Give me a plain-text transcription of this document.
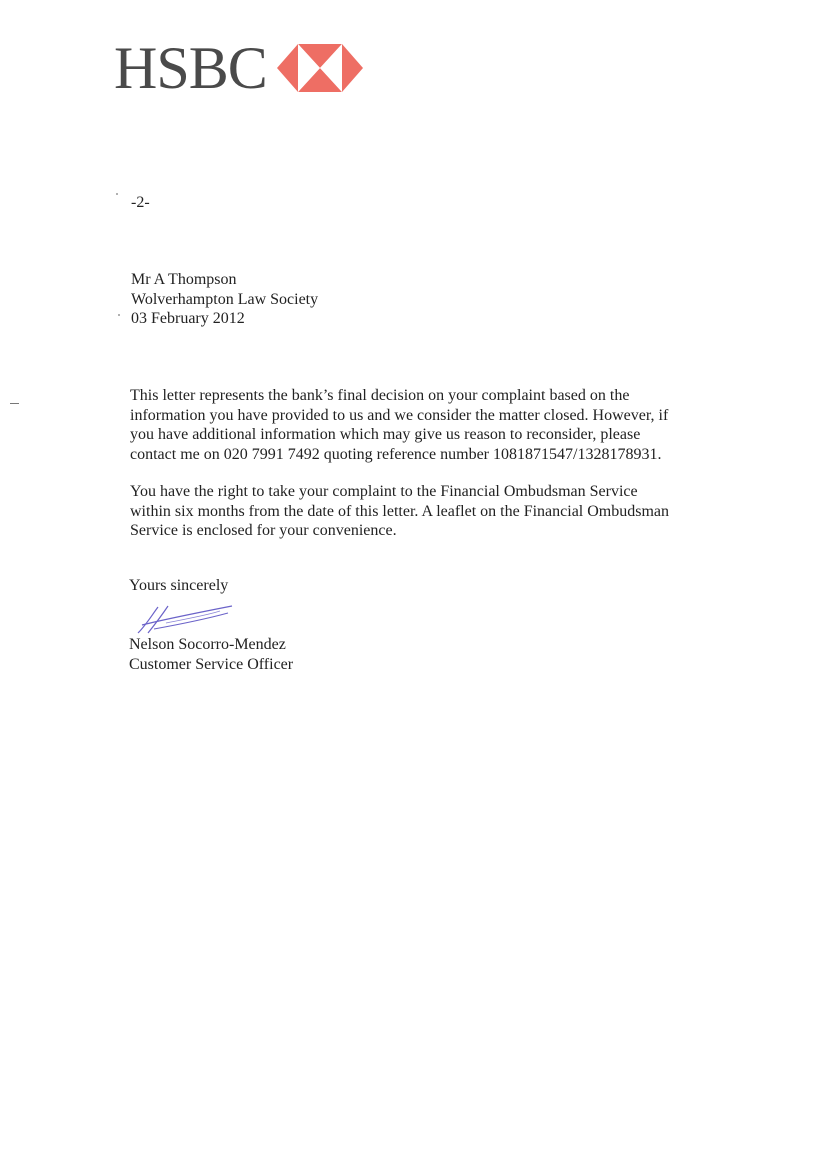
HSBC
-2-
Mr A Thompson
Wolverhampton Law Society
03 February 2012

This letter represents the bank’s final decision on your complaint based on the
information you have provided to us and we consider the matter closed. However, if
you have additional information which may give us reason to reconsider, please
contact me on 020 7991 7492 quoting reference number 1081871547/1328178931.

You have the right to take your complaint to the Financial Ombudsman Service
within six months from the date of this letter. A leaflet on the Financial Ombudsman
Service is enclosed for your convenience.

Yours sincerely
Nelson Socorro-Mendez
Customer Service Officer
